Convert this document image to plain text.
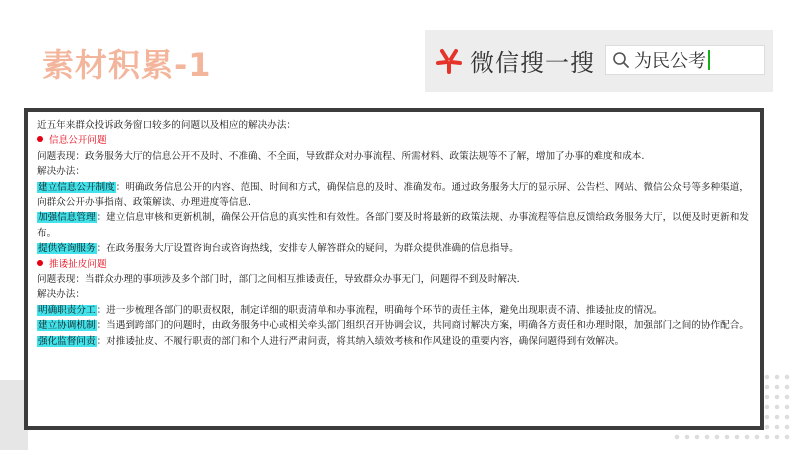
素材积累-1	微信搜一搜 为民公考
近五年来群众投诉政务窗口较多的问题以及相应的解决办法：
信息公开问题
问题表现：政务服务大厅的信息公开不及时、不准确、不全面，导致群众对办事流程、所需材料、政策法规等不了解，增加了办事的难度和成本.
解决办法：
建立信息公开制度：明确政务信息公开的内容、范围、时间和方式，确保信息的及时、准确发布。通过政务服务大厅的显示屏、公告栏、网站、微信公众号等多种渠道，向群众公开办事指南、政策解读、办理进度等信息.
加强信息管理：建立信息审核和更新机制，确保公开信息的真实性和有效性。各部门要及时将最新的政策法规、办事流程等信息反馈给政务服务大厅，以便及时更新和发布。
提供咨询服务：在政务服务大厅设置咨询台或咨询热线，安排专人解答群众的疑问，为群众提供准确的信息指导。
推诿扯皮问题
问题表现：当群众办理的事项涉及多个部门时，部门之间相互推诿责任，导致群众办事无门，问题得不到及时解决.
解决办法：
明确职责分工：进一步梳理各部门的职责权限，制定详细的职责清单和办事流程，明确每个环节的责任主体，避免出现职责不清、推诿扯皮的情况。
建立协调机制：当遇到跨部门的问题时，由政务服务中心或相关牵头部门组织召开协调会议，共同商讨解决方案，明确各方责任和办理时限，加强部门之间的协作配合。
强化监督问责：对推诿扯皮、不履行职责的部门和个人进行严肃问责，将其纳入绩效考核和作风建设的重要内容，确保问题得到有效解决。
